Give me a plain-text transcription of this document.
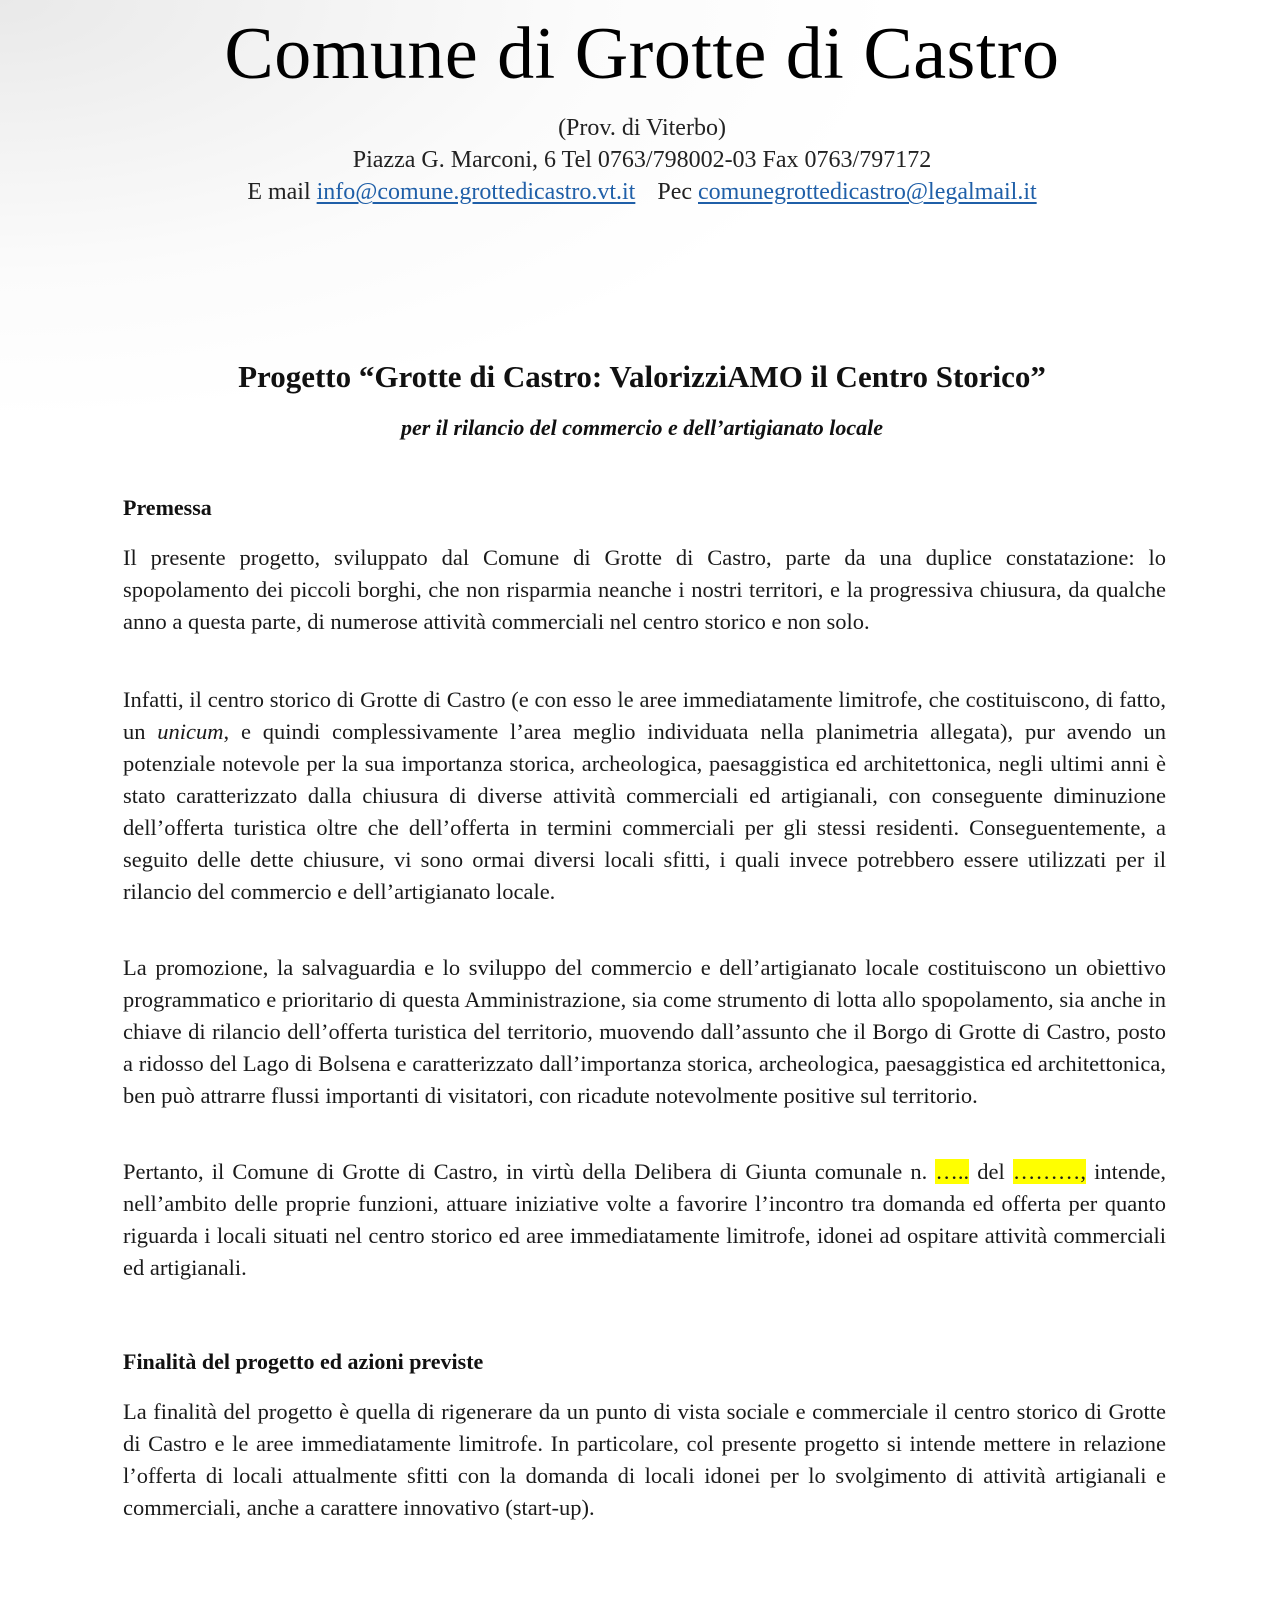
Comune di Grotte di Castro

(Prov. di Viterbo)

Piazza G. Marconi, 6 Tel 0763/798002-03 Fax 0763/797172

E mail info@comune.grottedicastro.vt.it Pec comunegrottedicastro@legalmail.it

Progetto “Grotte di Castro: ValorizziAMO il Centro Storico”

per il rilancio del commercio e dell’artigianato locale

Premessa

Il presente progetto, sviluppato dal Comune di Grotte di Castro, parte da una duplice constatazione: lo spopolamento dei piccoli borghi, che non risparmia neanche i nostri territori, e la progressiva chiusura, da qualche anno a questa parte, di numerose attività commerciali nel centro storico e non solo.

Infatti, il centro storico di Grotte di Castro (e con esso le aree immediatamente limitrofe, che costituiscono, di fatto, un unicum, e quindi complessivamente l’area meglio individuata nella planimetria allegata), pur avendo un potenziale notevole per la sua importanza storica, archeologica, paesaggistica ed architettonica, negli ultimi anni è stato caratterizzato dalla chiusura di diverse attività commerciali ed artigianali, con conseguente diminuzione dell’offerta turistica oltre che dell’offerta in termini commerciali per gli stessi residenti. Conseguentemente, a seguito delle dette chiusure, vi sono ormai diversi locali sfitti, i quali invece potrebbero essere utilizzati per il rilancio del commercio e dell’artigianato locale.

La promozione, la salvaguardia e lo sviluppo del commercio e dell’artigianato locale costituiscono un obiettivo programmatico e prioritario di questa Amministrazione, sia come strumento di lotta allo spopolamento, sia anche in chiave di rilancio dell’offerta turistica del territorio, muovendo dall’assunto che il Borgo di Grotte di Castro, posto a ridosso del Lago di Bolsena e caratterizzato dall’importanza storica, archeologica, paesaggistica ed architettonica, ben può attrarre flussi importanti di visitatori, con ricadute notevolmente positive sul territorio.

Pertanto, il Comune di Grotte di Castro, in virtù della Delibera di Giunta comunale n. ….. del ………, intende, nell’ambito delle proprie funzioni, attuare iniziative volte a favorire l’incontro tra domanda ed offerta per quanto riguarda i locali situati nel centro storico ed aree immediatamente limitrofe, idonei ad ospitare attività commerciali ed artigianali.

Finalità del progetto ed azioni previste

La finalità del progetto è quella di rigenerare da un punto di vista sociale e commerciale il centro storico di Grotte di Castro e le aree immediatamente limitrofe. In particolare, col presente progetto si intende mettere in relazione l’offerta di locali attualmente sfitti con la domanda di locali idonei per lo svolgimento di attività artigianali e commerciali, anche a carattere innovativo (start-up).
